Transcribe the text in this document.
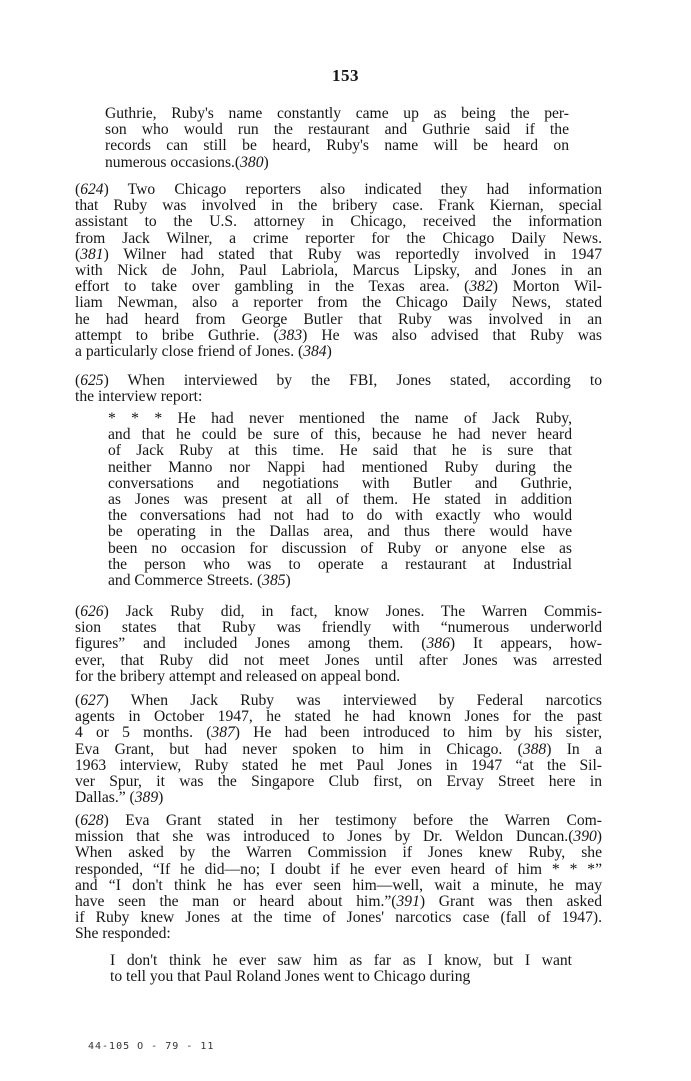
153
Guthrie, Ruby's name constantly came up as being the per-
son who would run the restaurant and Guthrie said if the
records can still be heard, Ruby's name will be heard on
numerous occasions.(380)
(624) Two Chicago reporters also indicated they had information
that Ruby was involved in the bribery case. Frank Kiernan, special
assistant to the U.S. attorney in Chicago, received the information
from Jack Wilner, a crime reporter for the Chicago Daily News.
(381) Wilner had stated that Ruby was reportedly involved in 1947
with Nick de John, Paul Labriola, Marcus Lipsky, and Jones in an
effort to take over gambling in the Texas area. (382) Morton Wil-
liam Newman, also a reporter from the Chicago Daily News, stated
he had heard from George Butler that Ruby was involved in an
attempt to bribe Guthrie. (383) He was also advised that Ruby was
a particularly close friend of Jones. (384)
(625) When interviewed by the FBI, Jones stated, according to
the interview report:
* * * He had never mentioned the name of Jack Ruby,
and that he could be sure of this, because he had never heard
of Jack Ruby at this time. He said that he is sure that
neither Manno nor Nappi had mentioned Ruby during the
conversations and negotiations with Butler and Guthrie,
as Jones was present at all of them. He stated in addition
the conversations had not had to do with exactly who would
be operating in the Dallas area, and thus there would have
been no occasion for discussion of Ruby or anyone else as
the person who was to operate a restaurant at Industrial
and Commerce Streets. (385)
(626) Jack Ruby did, in fact, know Jones. The Warren Commis-
sion states that Ruby was friendly with “numerous underworld
figures” and included Jones among them. (386) It appears, how-
ever, that Ruby did not meet Jones until after Jones was arrested
for the bribery attempt and released on appeal bond.
(627) When Jack Ruby was interviewed by Federal narcotics
agents in October 1947, he stated he had known Jones for the past
4 or 5 months. (387) He had been introduced to him by his sister,
Eva Grant, but had never spoken to him in Chicago. (388) In a
1963 interview, Ruby stated he met Paul Jones in 1947 “at the Sil-
ver Spur, it was the Singapore Club first, on Ervay Street here in
Dallas.” (389)
(628) Eva Grant stated in her testimony before the Warren Com-
mission that she was introduced to Jones by Dr. Weldon Duncan.(390)
When asked by the Warren Commission if Jones knew Ruby, she
responded, “If he did—no; I doubt if he ever even heard of him * * *”
and “I don't think he has ever seen him—well, wait a minute, he may
have seen the man or heard about him.”(391) Grant was then asked
if Ruby knew Jones at the time of Jones' narcotics case (fall of 1947).
She responded:
I don't think he ever saw him as far as I know, but I want
to tell you that Paul Roland Jones went to Chicago during
44-105 O - 79 - 11
